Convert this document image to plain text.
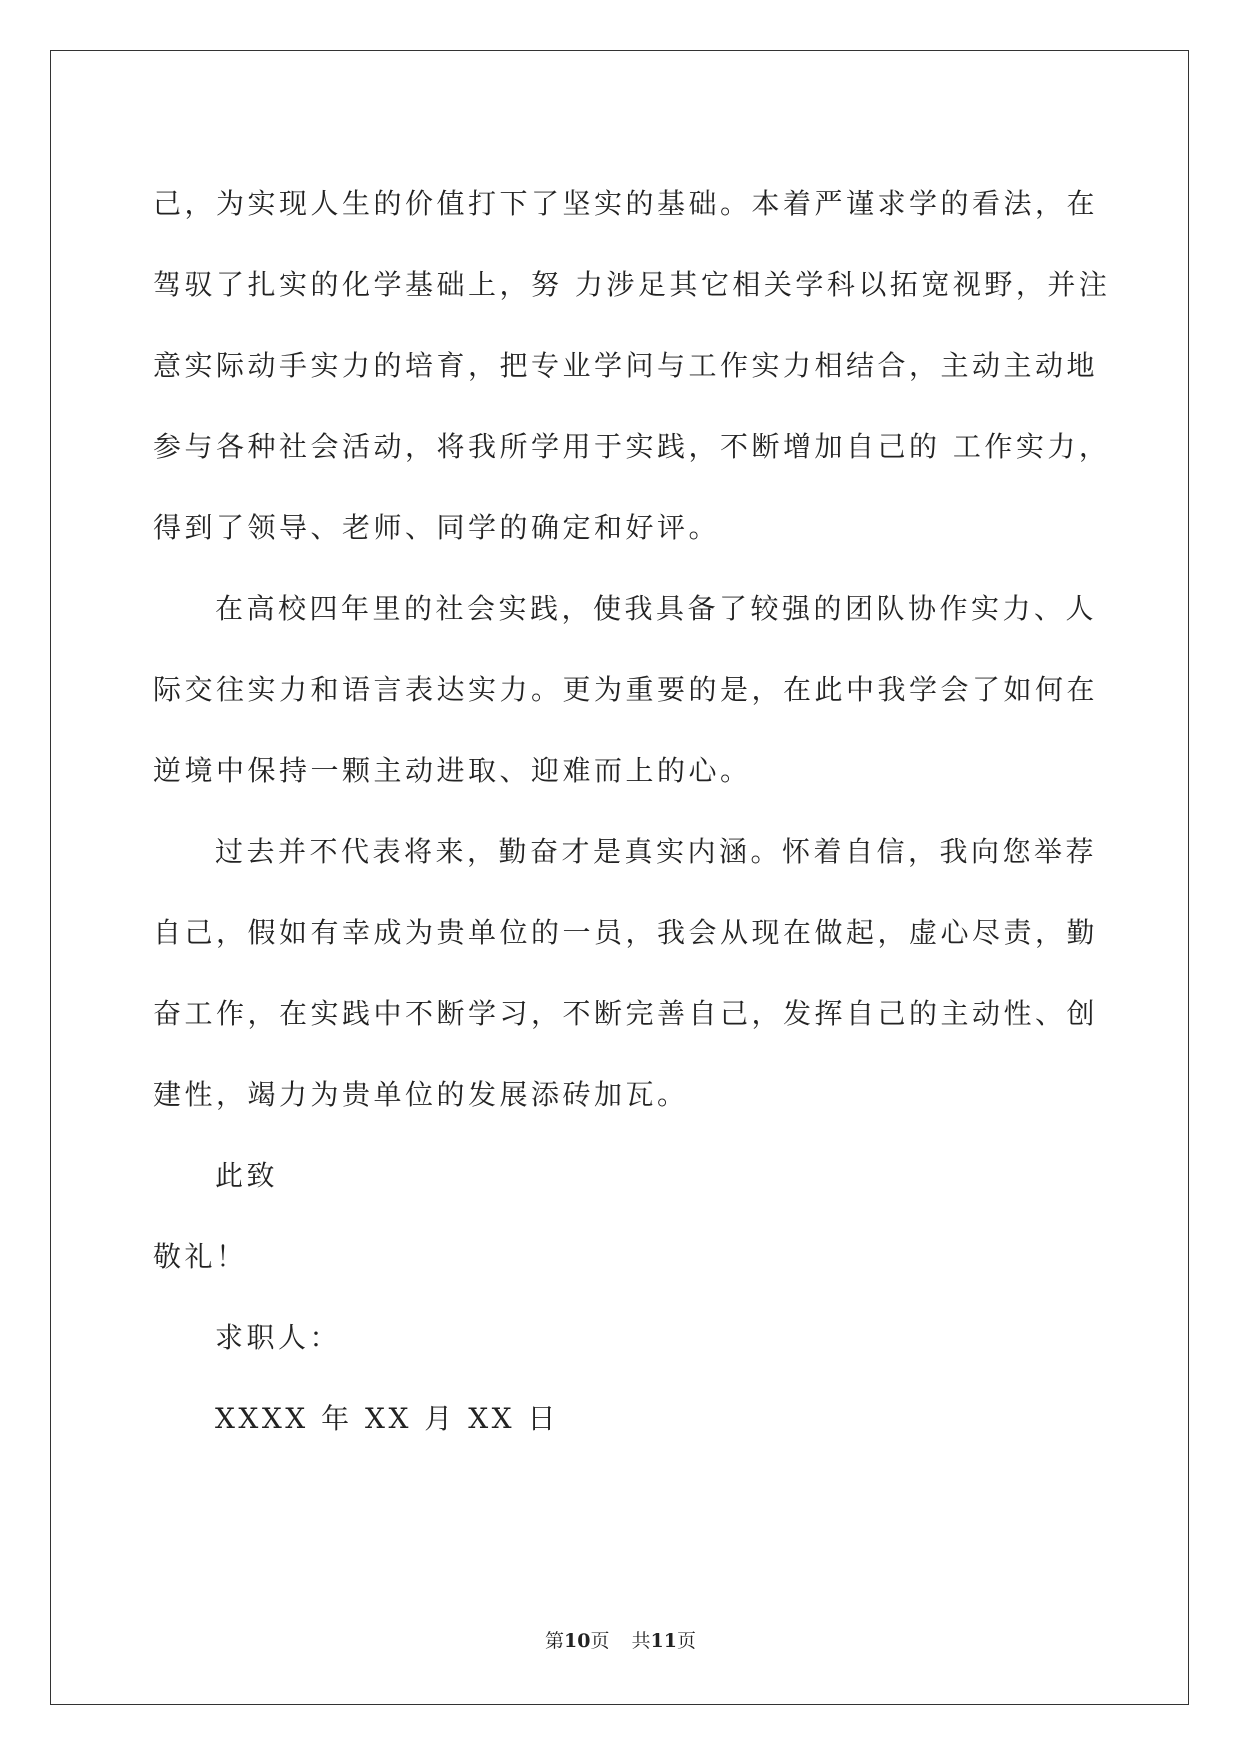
己，为实现人生的价值打下了坚实的基础。本着严谨求学的看法，在
驾驭了扎实的化学基础上，努 力涉足其它相关学科以拓宽视野，并注
意实际动手实力的培育，把专业学问与工作实力相结合，主动主动地
参与各种社会活动，将我所学用于实践，不断增加自己的 工作实力，
得到了领导、老师、同学的确定和好评。
在高校四年里的社会实践，使我具备了较强的团队协作实力、人
际交往实力和语言表达实力。更为重要的是，在此中我学会了如何在
逆境中保持一颗主动进取、迎难而上的心。
过去并不代表将来，勤奋才是真实内涵。怀着自信，我向您举荐
自己，假如有幸成为贵单位的一员，我会从现在做起，虚心尽责，勤
奋工作，在实践中不断学习，不断完善自己，发挥自己的主动性、创
建性，竭力为贵单位的发展添砖加瓦。
此致
敬礼！
求职人：
XXXX 年 XX 月 XX 日
第10页 共11页
